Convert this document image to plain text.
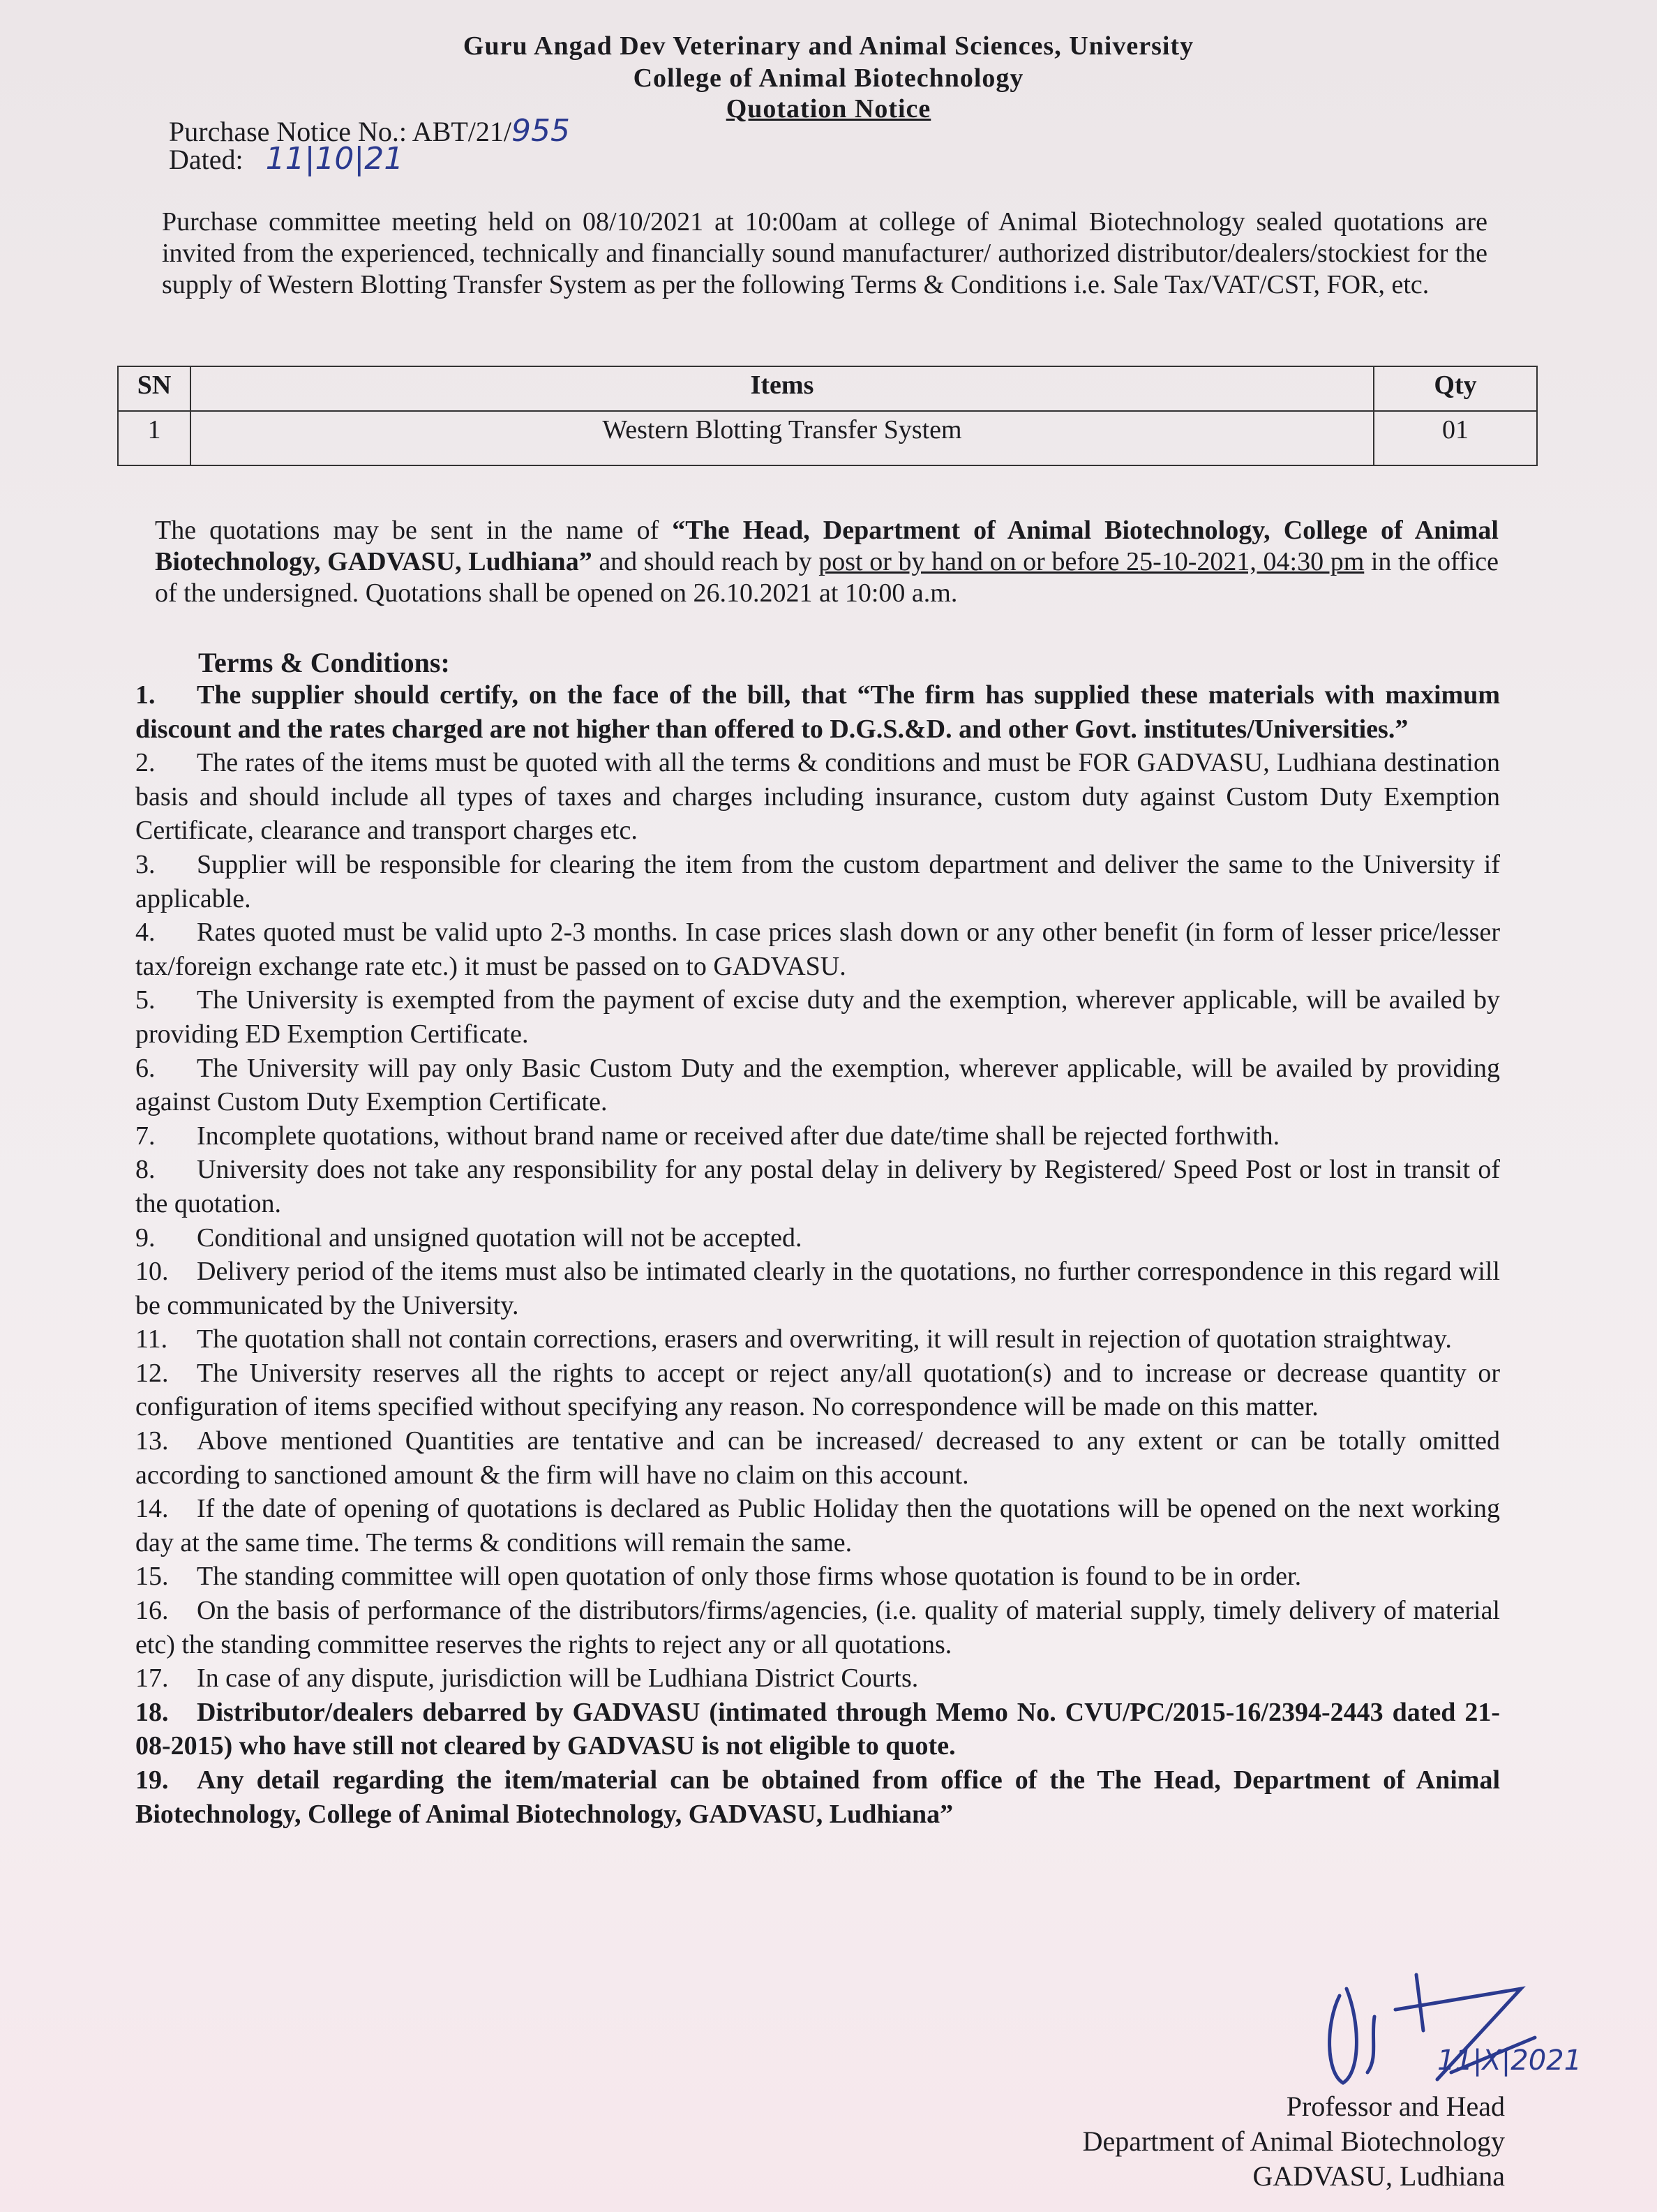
Guru Angad Dev Veterinary and Animal Sciences, University
College of Animal Biotechnology
Quotation Notice
Purchase Notice No.: ABT/21/955
Dated: 11|10|21
Purchase committee meeting held on 08/10/2021 at 10:00am at college of Animal Biotechnology sealed quotations are invited from the experienced, technically and financially sound manufacturer/ authorized distributor/dealers/stockiest for the supply of Western Blotting Transfer System as per the following Terms & Conditions i.e. Sale Tax/VAT/CST, FOR, etc.
SN	Items	Qty
1	Western Blotting Transfer System	01
The quotations may be sent in the name of “The Head, Department of Animal Biotechnology, College of Animal Biotechnology, GADVASU, Ludhiana” and should reach by post or by hand on or before 25-10-2021, 04:30 pm in the office of the undersigned. Quotations shall be opened on 26.10.2021 at 10:00 a.m.
Terms & Conditions:

1. The supplier should certify, on the face of the bill, that “The firm has supplied these materials with maximum discount and the rates charged are not higher than offered to D.G.S.&D. and other Govt. institutes/Universities.”

2. The rates of the items must be quoted with all the terms & conditions and must be FOR GADVASU, Ludhiana destination basis and should include all types of taxes and charges including insurance, custom duty against Custom Duty Exemption Certificate, clearance and transport charges etc.

3. Supplier will be responsible for clearing the item from the custom department and deliver the same to the University if applicable.

4. Rates quoted must be valid upto 2-3 months. In case prices slash down or any other benefit (in form of lesser price/lesser tax/foreign exchange rate etc.) it must be passed on to GADVASU.

5. The University is exempted from the payment of excise duty and the exemption, wherever applicable, will be availed by providing ED Exemption Certificate.

6. The University will pay only Basic Custom Duty and the exemption, wherever applicable, will be availed by providing against Custom Duty Exemption Certificate.

7. Incomplete quotations, without brand name or received after due date/time shall be rejected forthwith.

8. University does not take any responsibility for any postal delay in delivery by Registered/ Speed Post or lost in transit of the quotation.

9. Conditional and unsigned quotation will not be accepted.

10. Delivery period of the items must also be intimated clearly in the quotations, no further correspondence in this regard will be communicated by the University.

11. The quotation shall not contain corrections, erasers and overwriting, it will result in rejection of quotation straightway.

12. The University reserves all the rights to accept or reject any/all quotation(s) and to increase or decrease quantity or configuration of items specified without specifying any reason. No correspondence will be made on this matter.

13. Above mentioned Quantities are tentative and can be increased/ decreased to any extent or can be totally omitted according to sanctioned amount & the firm will have no claim on this account.

14. If the date of opening of quotations is declared as Public Holiday then the quotations will be opened on the next working day at the same time. The terms & conditions will remain the same.

15. The standing committee will open quotation of only those firms whose quotation is found to be in order.

16. On the basis of performance of the distributors/firms/agencies, (i.e. quality of material supply, timely delivery of material etc) the standing committee reserves the rights to reject any or all quotations.

17. In case of any dispute, jurisdiction will be Ludhiana District Courts.

18. Distributor/dealers debarred by GADVASU (intimated through Memo No. CVU/PC/2015-16/2394-2443 dated 21-08-2015) who have still not cleared by GADVASU is not eligible to quote.

19. Any detail regarding the item/material can be obtained from office of the The Head, Department of Animal Biotechnology, College of Animal Biotechnology, GADVASU, Ludhiana”

11|X|2021
Professor and Head
Department of Animal Biotechnology
GADVASU, Ludhiana
